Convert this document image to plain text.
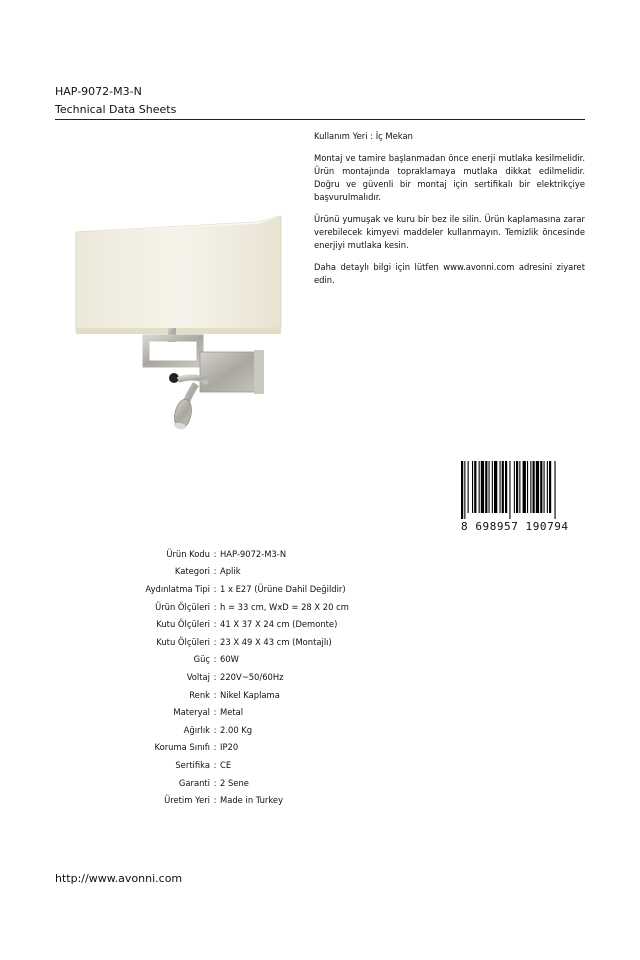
HAP-9072-M3-N
Technical Data Sheets

Kullanım Yeri : İç Mekan

Montaj ve tamire başlanmadan önce enerji mutlaka kesilmelidir. Ürün montajında topraklamaya mutlaka dikkat edilmelidir. Doğru ve güvenli bir montaj için sertifikalı bir elektrikçiye başvurulmalıdır.

Ürünü yumuşak ve kuru bir bez ile silin. Ürün kaplamasına zarar verebilecek kimyevi maddeler kullanmayın. Temizlik öncesinde enerjiyi mutlaka kesin.

Daha detaylı bilgi için lütfen www.avonni.com adresini ziyaret edin.

8 698957 190794
Ürün Kodu : HAP-9072-M3-N
Kategori : Aplik
Aydınlatma Tipi : 1 x E27 (Ürüne Dahil Değildir)
Ürün Ölçüleri : h = 33 cm, WxD = 28 X 20 cm
Kutu Ölçüleri : 41 X 37 X 24 cm (Demonte)
Kutu Ölçüleri : 23 X 49 X 43 cm (Montajlı)
Güç : 60W
Voltaj : 220V~50/60Hz
Renk : Nikel Kaplama
Materyal : Metal
Ağırlık : 2.00 Kg
Koruma Sınıfı : IP20
Sertifika : CE
Garanti : 2 Sene
Üretim Yeri : Made in Turkey
http://www.avonni.com
